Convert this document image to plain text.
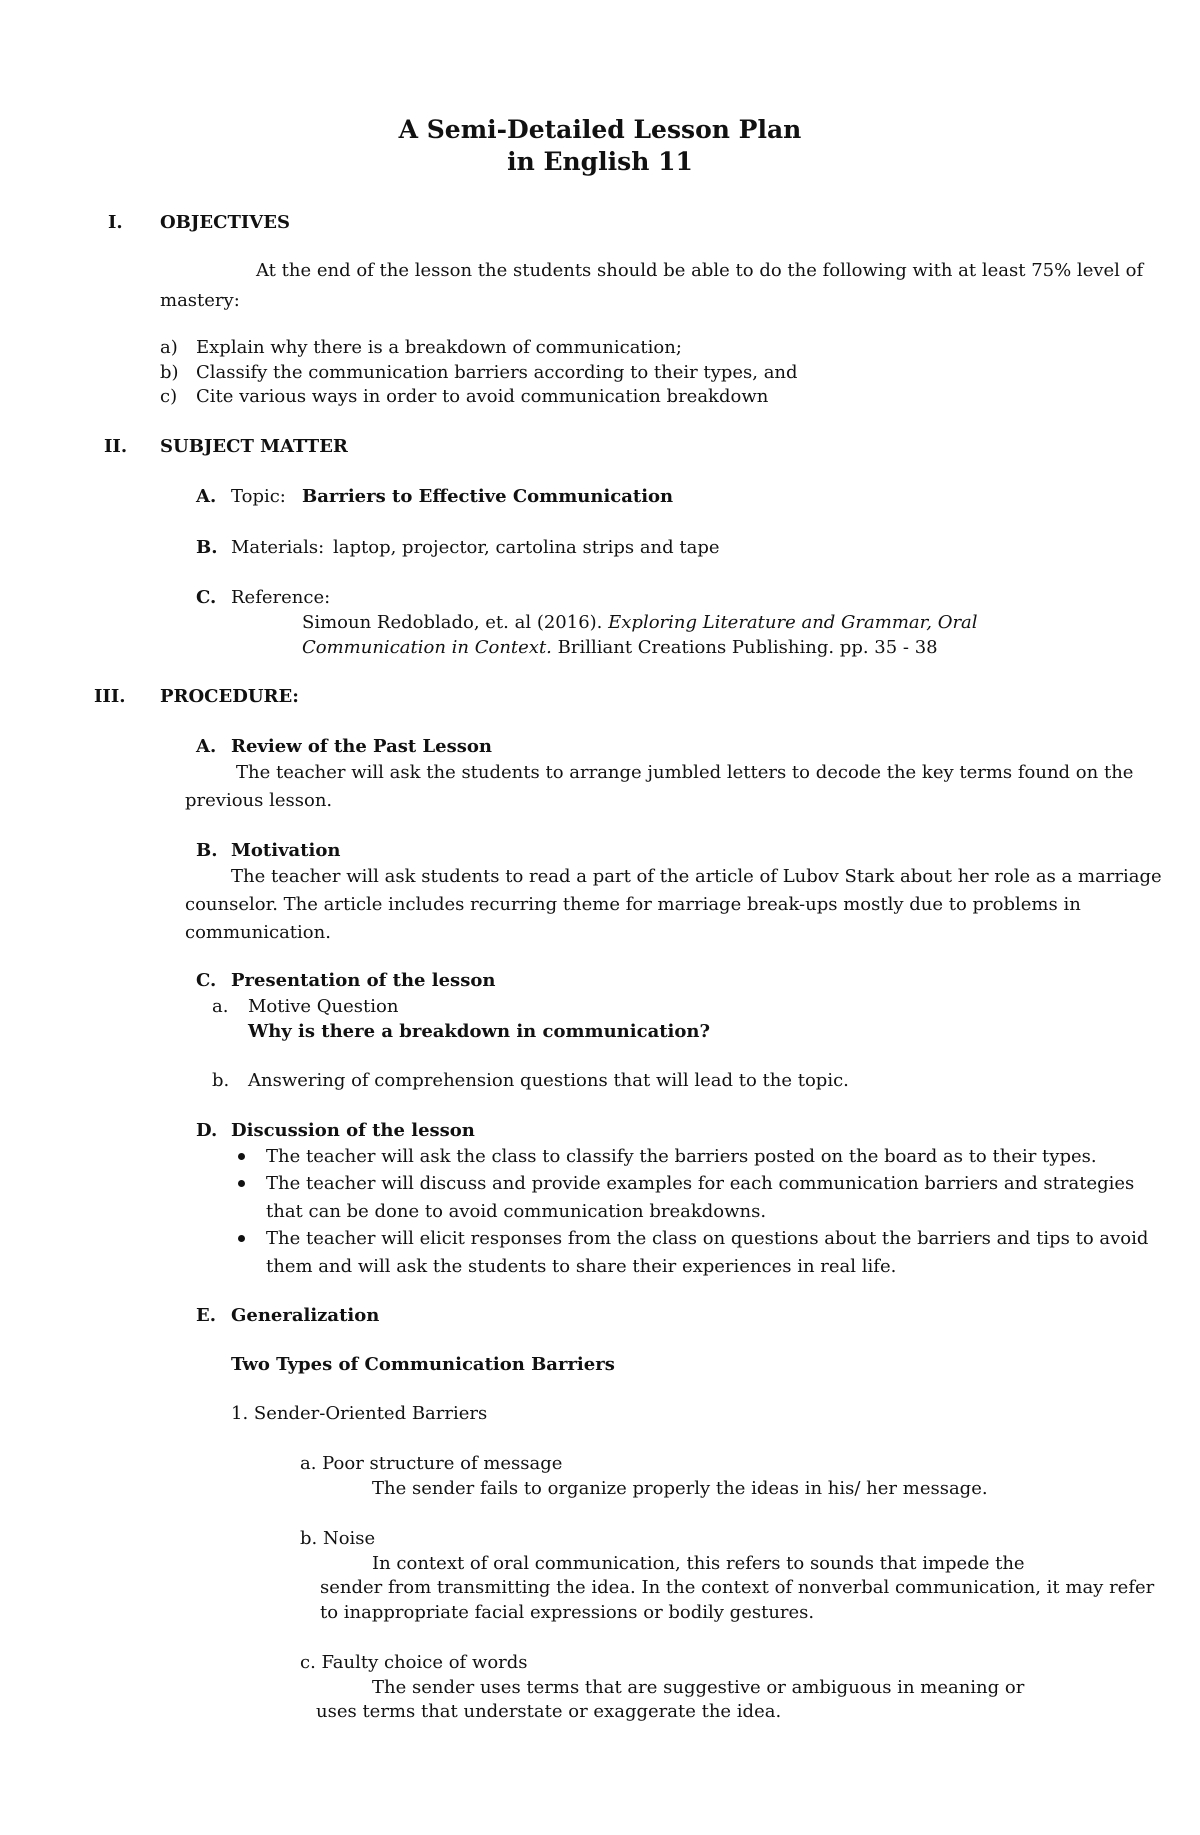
A Semi-Detailed Lesson Plan
in English 11
I. OBJECTIVES
At the end of the lesson the students should be able to do the following with at least 75% level of
mastery:
a) Explain why there is a breakdown of communication;
b) Classify the communication barriers according to their types, and
c) Cite various ways in order to avoid communication breakdown
II. SUBJECT MATTER
A. Topic: Barriers to Effective Communication
B. Materials: laptop, projector, cartolina strips and tape
C. Reference:
Simoun Redoblado, et. al (2016). Exploring Literature and Grammar, Oral
Communication in Context. Brilliant Creations Publishing. pp. 35 - 38
III. PROCEDURE:
A. Review of the Past Lesson
The teacher will ask the students to arrange jumbled letters to decode the key terms found on the
previous lesson.
B. Motivation
The teacher will ask students to read a part of the article of Lubov Stark about her role as a marriage
counselor. The article includes recurring theme for marriage break-ups mostly due to problems in
communication.
C. Presentation of the lesson
a. Motive Question
Why is there a breakdown in communication?
b. Answering of comprehension questions that will lead to the topic.
D. Discussion of the lesson
The teacher will ask the class to classify the barriers posted on the board as to their types.
The teacher will discuss and provide examples for each communication barriers and strategies
that can be done to avoid communication breakdowns.
The teacher will elicit responses from the class on questions about the barriers and tips to avoid
them and will ask the students to share their experiences in real life.
E. Generalization
Two Types of Communication Barriers
1. Sender-Oriented Barriers
a. Poor structure of message
The sender fails to organize properly the ideas in his/ her message.
b. Noise
In context of oral communication, this refers to sounds that impede the
sender from transmitting the idea. In the context of nonverbal communication, it may refer
to inappropriate facial expressions or bodily gestures.
c. Faulty choice of words
The sender uses terms that are suggestive or ambiguous in meaning or
uses terms that understate or exaggerate the idea.
